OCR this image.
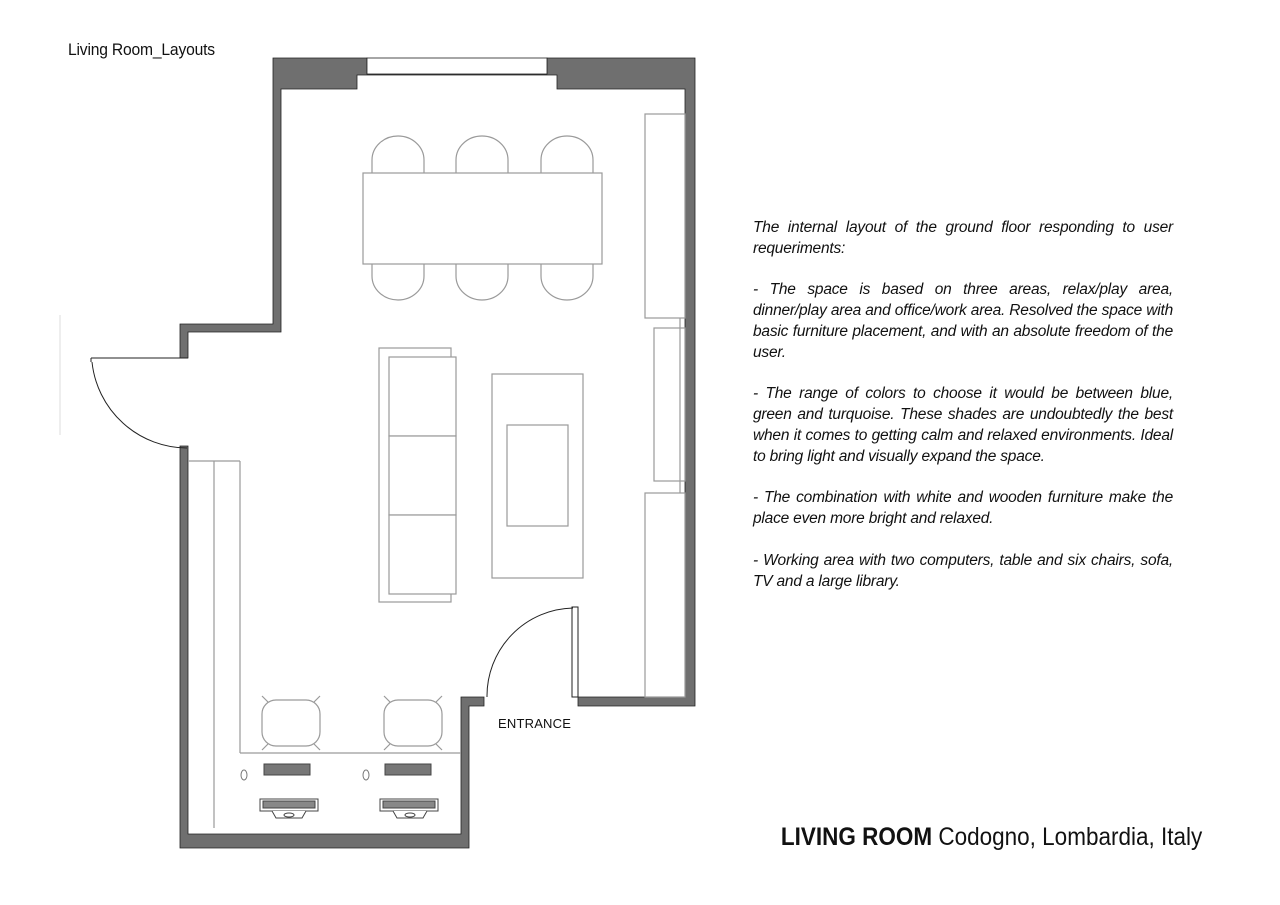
Living Room_Layouts
ENTRANCE

The internal layout of the ground floor responding to user requeriments:

- The space is based on three areas, relax/play area, dinner/play area and office/work area. Resolved the space with basic furniture placement, and with an absolute freedom of the user.

- The range of colors to choose it would be between blue, green and turquoise. These shades are undoubtedly the best when it comes to getting calm and relaxed environments. Ideal to bring light and visually expand the space.

- The combination with white and wooden furniture make the place even more bright and relaxed.

- Working area with two computers, table and six chairs, sofa, TV and a large library.

LIVING ROOM Codogno, Lombardia, Italy
